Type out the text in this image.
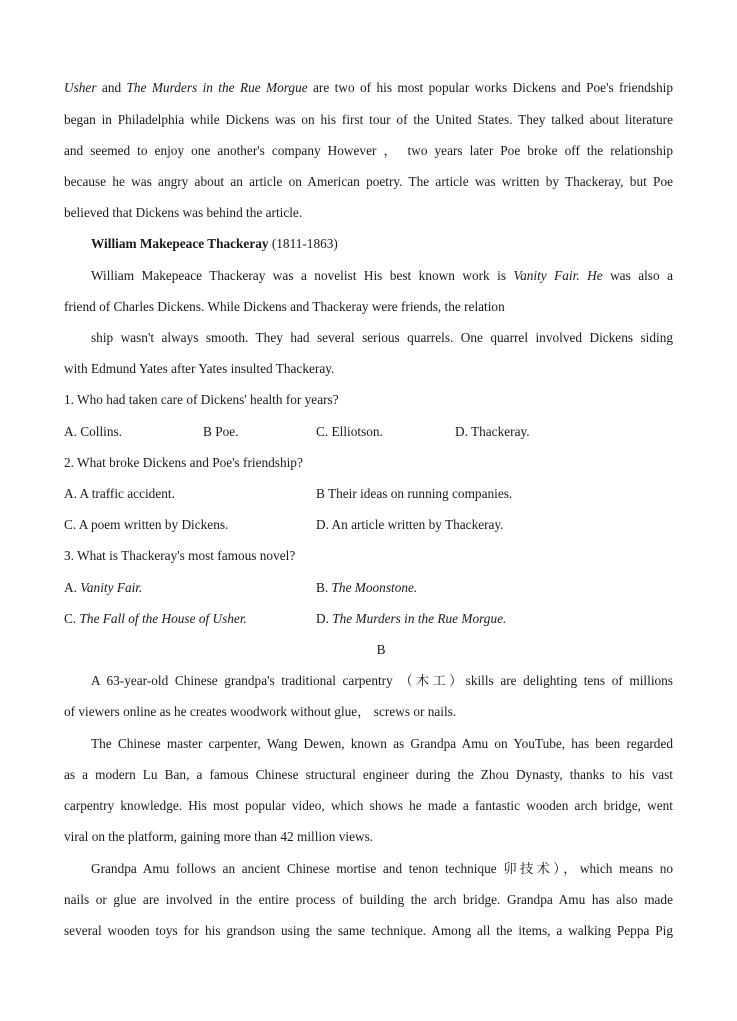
Usher and The Murders in the Rue Morgue are two of his most popular works Dickens and Poe's friendship
began in Philadelphia while Dickens was on his first tour of the United States. They talked about literature
and seemed to enjoy one another's company However ， two years later Poe broke off the relationship
because he was angry about an article on American poetry. The article was written by Thackeray, but Poe
believed that Dickens was behind the article.
William Makepeace Thackeray (1811-1863)
William Makepeace Thackeray was a novelist His best known work is Vanity Fair. He was also a
friend of Charles Dickens. While Dickens and Thackeray were friends, the relation
ship wasn't always smooth. They had several serious quarrels. One quarrel involved Dickens siding
with Edmund Yates after Yates insulted Thackeray.
1. Who had taken care of Dickens' health for years?
A. Collins.	B Poe.	C. Elliotson.	D. Thackeray.
2. What broke Dickens and Poe's friendship?
A. A traffic accident.	B Their ideas on running companies.
C. A poem written by Dickens.	D. An article written by Thackeray.
3. What is Thackeray's most famous novel?
A. Vanity Fair.	B. The Moonstone.
C. The Fall of the House of Usher.	D. The Murders in the Rue Morgue.
B
A 63-year-old Chinese grandpa's traditional carpentry （木工）skills are delighting tens of millions
of viewers online as he creates woodwork without glue， screws or nails.
The Chinese master carpenter, Wang Dewen, known as Grandpa Amu on YouTube, has been regarded
as a modern Lu Ban, a famous Chinese structural engineer during the Zhou Dynasty, thanks to his vast
carpentry knowledge. His most popular video, which shows he made a fantastic wooden arch bridge, went
viral on the platform, gaining more than 42 million views.
Grandpa Amu follows an ancient Chinese mortise and tenon technique 卯技术），which means no
nails or glue are involved in the entire process of building the arch bridge. Grandpa Amu has also made
several wooden toys for his grandson using the same technique. Among all the items, a walking Peppa Pig
